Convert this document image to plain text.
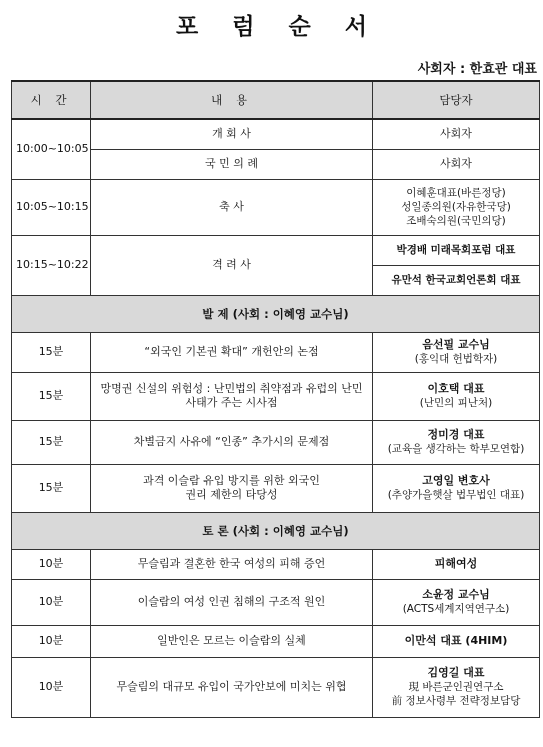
포 럼 순 서
사회자 : 한효관 대표
시 간	내 용	담당자
10:00~10:05	개 회 사	사회자
	국 민 의 례	사회자
10:05~10:15	축 사	이혜훈대표(바른정당)
성일종의원(자유한국당)
조배숙의원(국민의당)

10:15~10:22	격 려 사	박경배 미래목회포럼 대표
		유만석 한국교회언론회 대표
발 제 (사회 : 이혜영 교수님)		
15분	“외국인 기본권 확대” 개헌안의 논점	음선필 교수님
(홍익대 헌법학자)

15분	망명권 신설의 위험성 : 난민법의 취약점과 유럽의 난민
사태가 주는 시사점	이호택 대표
(난민의 피난처)

15분	차별금지 사유에 “인종” 추가시의 문제점	정미경 대표
(교육을 생각하는 학부모연합)

15분	과격 이슬람 유입 방지를 위한 외국인
권리 제한의 타당성	고영일 변호사
(추양가을햇살 법무법인 대표)

토 론 (사회 : 이혜영 교수님)		
10분	무슬림과 결혼한 한국 여성의 피해 증언	피해여성

10분	이슬람의 여성 인권 침해의 구조적 원인	소윤정 교수님
(ACTS세계지역연구소)

10분	일반인은 모르는 이슬람의 실체	이만석 대표 (4HIM)

10분	무슬림의 대규모 유입이 국가안보에 미치는 위협	김영길 대표
現 바른군인권연구소
前 정보사령부 전략정보담당
